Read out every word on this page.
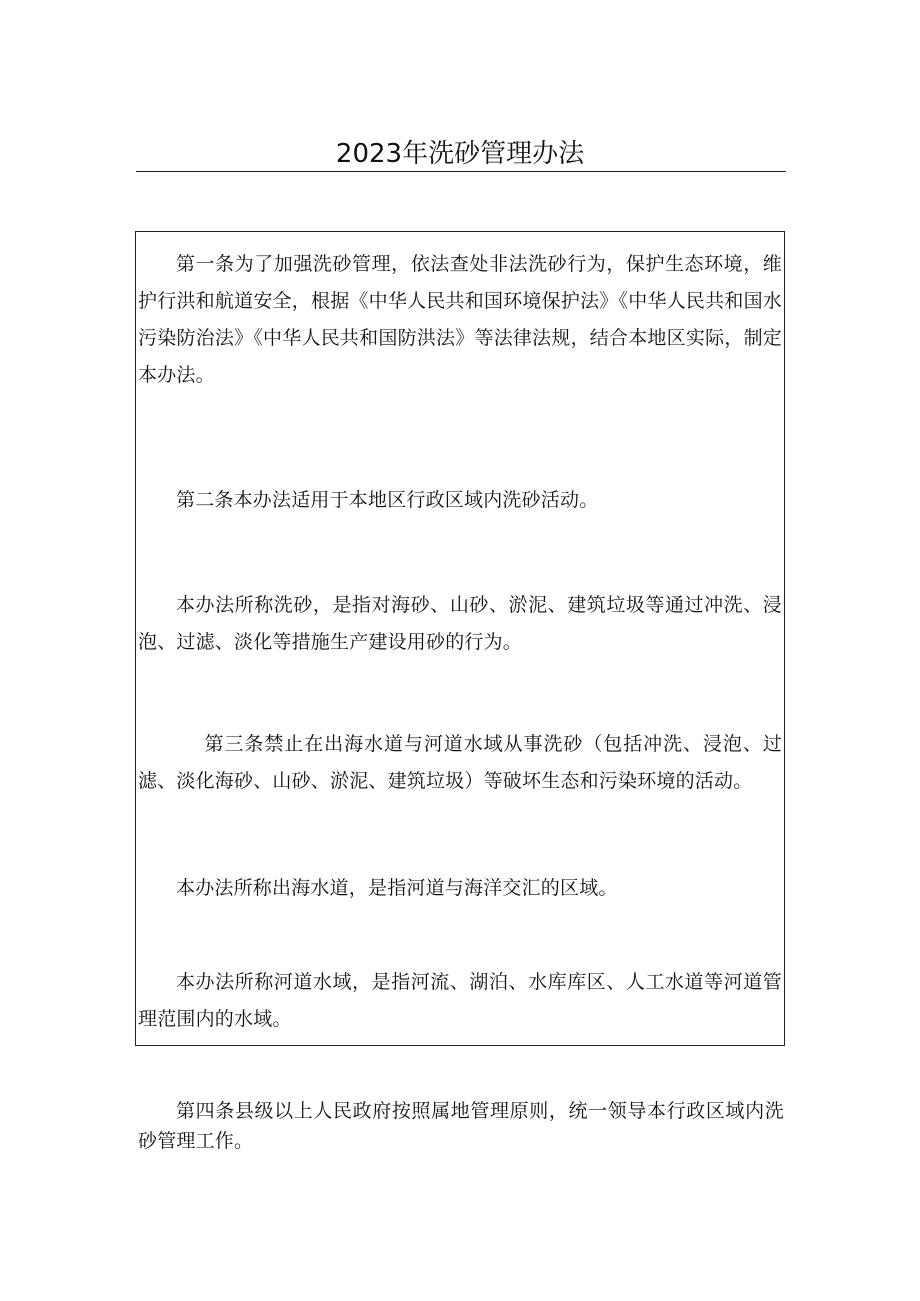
2023年洗砂管理办法

第一条为了加强洗砂管理，依法查处非法洗砂行为，保护生态环境，维护行洪和航道安全，根据《中华人民共和国环境保护法》《中华人民共和国水污染防治法》《中华人民共和国防洪法》等法律法规，结合本地区实际，制定本办法。

第二条本办法适用于本地区行政区域内洗砂活动。

本办法所称洗砂，是指对海砂、山砂、淤泥、建筑垃圾等通过冲洗、浸泡、过滤、淡化等措施生产建设用砂的行为。

第三条禁止在出海水道与河道水域从事洗砂（包括冲洗、浸泡、过滤、淡化海砂、山砂、淤泥、建筑垃圾）等破坏生态和污染环境的活动。

本办法所称出海水道，是指河道与海洋交汇的区域。

本办法所称河道水域，是指河流、湖泊、水库库区、人工水道等河道管理范围内的水域。

第四条县级以上人民政府按照属地管理原则，统一领导本行政区域内洗砂管理工作。
